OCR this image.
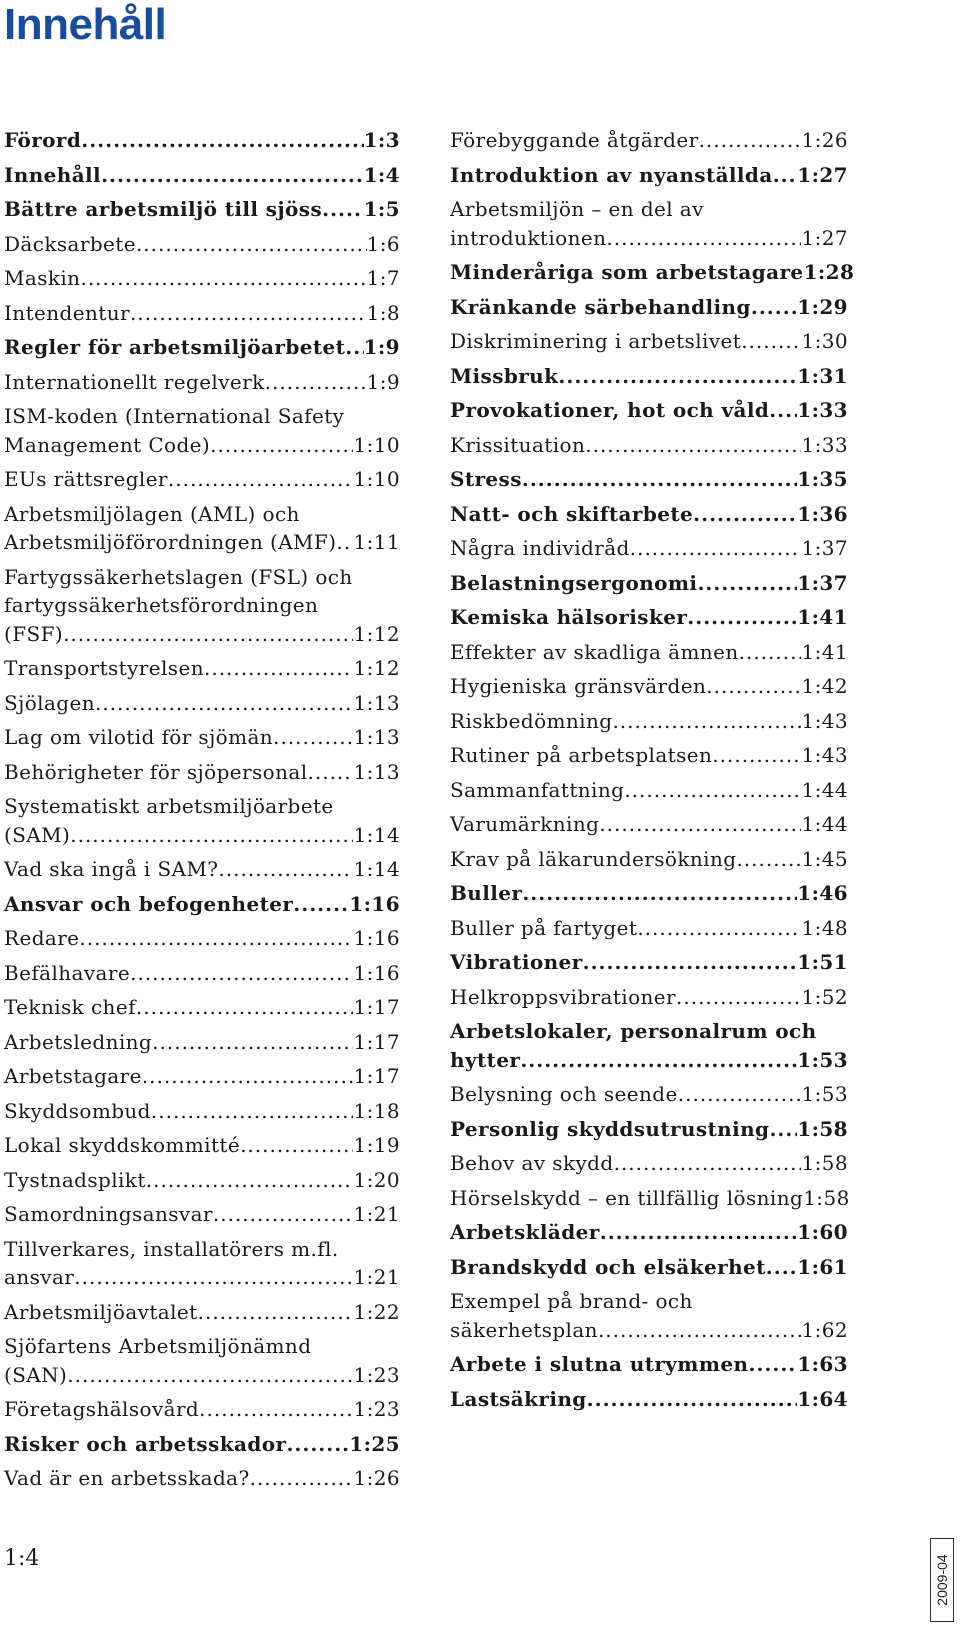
Innehåll
Förord .....	1:3
Innehåll .....	1:4
Bättre arbetsmiljö till sjöss ..... 1:5
Däcksarbete .....	1:6
Maskin .....	1:7
Intendentur .....	1:8
Regler för arbetsmiljöarbetet ..... 1:9
Internationellt regelverk .....	1:9
ISM-koden (International Safety
Management Code) .....	1:10
EUs rättsregler .....	1:10
Arbetsmiljölagen (AML) och
Arbetsmiljöförordningen (AMF) ..... 1:11
Fartygssäkerhetslagen (FSL) och
fartygssäkerhetsförordningen
(FSF) .....	1:12
Transportstyrelsen .....	1:12
Sjölagen .....	1:13
Lag om vilotid för sjömän .....	1:13
Behörigheter för sjöpersonal ..... 1:13
Systematiskt arbetsmiljöarbete
(SAM) .....	1:14
Vad ska ingå i SAM? .....	1:14
Ansvar och befogenheter .....	1:16
Redare .....	1:16
Befälhavare .....	1:16
Teknisk chef .....	1:17
Arbetsledning .....	1:17
Arbetstagare .....	1:17
Skyddsombud .....	1:18
Lokal skyddskommitté .....	1:19
Tystnadsplikt .....	1:20
Samordningsansvar .....	1:21
Tillverkares, installatörers m.fl.
ansvar .....	1:21
Arbetsmiljöavtalet .....	1:22
Sjöfartens Arbetsmiljönämnd
(SAN) .....	1:23
Företagshälsovård .....	1:23
Risker och arbetsskador .....	1:25
Vad är en arbetsskada? .....	1:26
Förebyggande åtgärder .....	1:26
Introduktion av nyanställda ..... 1:27
Arbetsmiljön – en del av
introduktionen .....	1:27
Minderåriga som arbetstagare 1:28
Kränkande särbehandling ..... 1:29
Diskriminering i arbetslivet .....	1:30
Missbruk .....	1:31
Provokationer, hot och våld ..... 1:33
Krissituation .....	1:33
Stress .....	1:35
Natt- och skiftarbete .....	1:36
Några individråd .....	1:37
Belastningsergonomi .....	1:37
Kemiska hälsorisker .....	1:41
Effekter av skadliga ämnen .....	1:41
Hygieniska gränsvärden .....	1:42
Riskbedömning .....	1:43
Rutiner på arbetsplatsen .....	1:43
Sammanfattning .....	1:44
Varumärkning .....	1:44
Krav på läkarundersökning .....	1:45
Buller .....	1:46
Buller på fartyget .....	1:48
Vibrationer .....	1:51
Helkroppsvibrationer .....	1:52
Arbetslokaler, personalrum och
hytter .....	1:53
Belysning och seende .....	1:53
Personlig skyddsutrustning ..... 1:58
Behov av skydd .....	1:58
Hörselskydd – en tillfällig lösning 1:58
Arbetskläder .....	1:60
Brandskydd och elsäkerhet ..... 1:61
Exempel på brand- och
säkerhetsplan .....	1:62
Arbete i slutna utrymmen ..... 1:63
Lastsäkring .....	1:64
1:4	2009-04
